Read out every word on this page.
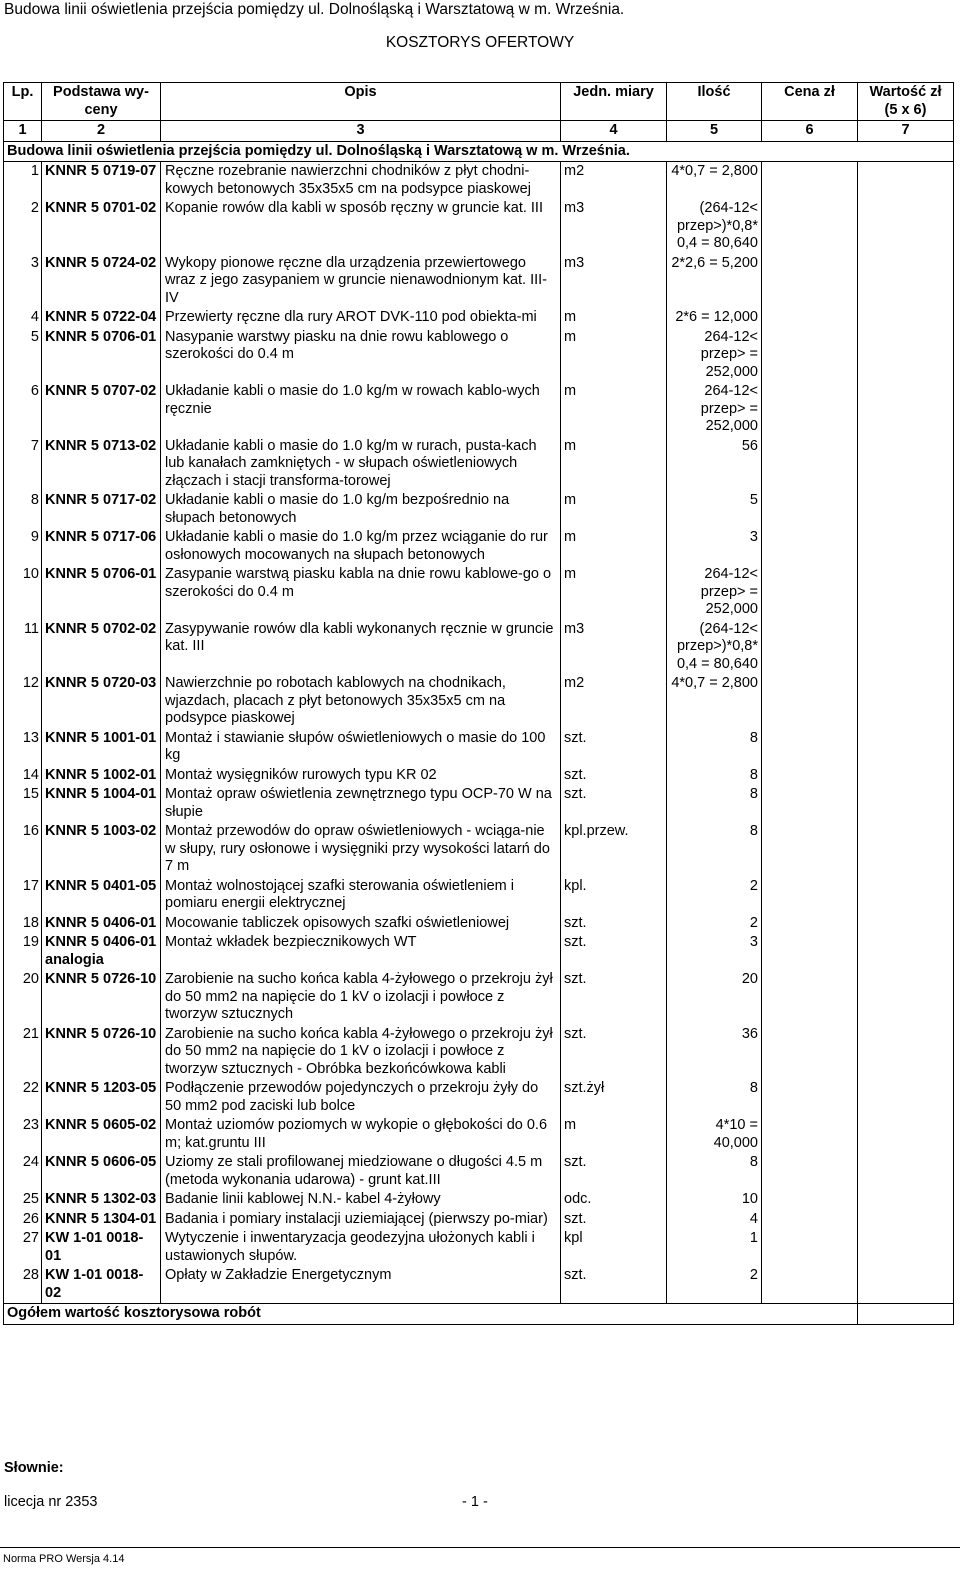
Budowa linii oświetlenia przejścia pomiędzy ul. Dolnośląską i Warsztatową w m. Września.
KOSZTORYS OFERTOWY
Lp.	Podstawa wy-ceny	Opis	Jedn. miary	Ilość	Cena zł	Wartość zł
(5 x 6)
1	2	3	4	5	6	7
Budowa linii oświetlenia przejścia pomiędzy ul. Dolnośląską i Warsztatową w m. Września.						
1	KNNR 5 0719-07	Ręczne rozebranie nawierzchni chodników z płyt chodni-kowych betonowych 35x35x5 cm na podsypce piaskowej	m2	4*0,7 = 2,800		
2	KNNR 5 0701-02	Kopanie rowów dla kabli w sposób ręczny w gruncie kat. III	m3	(264-12< przep>)*0,8* 0,4 = 80,640		
3	KNNR 5 0724-02	Wykopy pionowe ręczne dla urządzenia przewiertowego wraz z jego zasypaniem w gruncie nienawodnionym kat. III-IV	m3	2*2,6 = 5,200		
4	KNNR 5 0722-04	Przewierty ręczne dla rury AROT DVK-110 pod obiekta-mi	m	2*6 = 12,000		
5	KNNR 5 0706-01	Nasypanie warstwy piasku na dnie rowu kablowego o szerokości do 0.4 m	m	264-12< przep> = 252,000		
6	KNNR 5 0707-02	Układanie kabli o masie do 1.0 kg/m w rowach kablo-wych ręcznie	m	264-12< przep> = 252,000		
7	KNNR 5 0713-02	Układanie kabli o masie do 1.0 kg/m w rurach, pusta-kach lub kanałach zamkniętych - w słupach oświetleniowych złączach i stacji transforma-torowej	m	56		
8	KNNR 5 0717-02	Układanie kabli o masie do 1.0 kg/m bezpośrednio na słupach betonowych	m	5		
9	KNNR 5 0717-06	Układanie kabli o masie do 1.0 kg/m przez wciąganie do rur osłonowych mocowanych na słupach betonowych	m	3		
10	KNNR 5 0706-01	Zasypanie warstwą piasku kabla na dnie rowu kablowe-go o szerokości do 0.4 m	m	264-12< przep> = 252,000		
11	KNNR 5 0702-02	Zasypywanie rowów dla kabli wykonanych ręcznie w gruncie kat. III	m3	(264-12< przep>)*0,8* 0,4 = 80,640		
12	KNNR 5 0720-03	Nawierzchnie po robotach kablowych na chodnikach, wjazdach, placach z płyt betonowych 35x35x5 cm na podsypce piaskowej	m2	4*0,7 = 2,800		
13	KNNR 5 1001-01	Montaż i stawianie słupów oświetleniowych o masie do 100 kg	szt.	8		
14	KNNR 5 1002-01	Montaż wysięgników rurowych typu KR 02	szt.	8		
15	KNNR 5 1004-01	Montaż opraw oświetlenia zewnętrznego typu OCP-70 W na słupie	szt.	8		
16	KNNR 5 1003-02	Montaż przewodów do opraw oświetleniowych - wciąga-nie w słupy, rury osłonowe i wysięgniki przy wysokości latarń do 7 m	kpl.przew.	8		
17	KNNR 5 0401-05	Montaż wolnostojącej szafki sterowania oświetleniem i pomiaru energii elektrycznej	kpl.	2		
18	KNNR 5 0406-01	Mocowanie tabliczek opisowych szafki oświetleniowej	szt.	2		
19	KNNR 5 0406-01 analogia	Montaż wkładek bezpiecznikowych WT	szt.	3		
20	KNNR 5 0726-10	Zarobienie na sucho końca kabla 4-żyłowego o przekroju żył do 50 mm2 na napięcie do 1 kV o izolacji i powłoce z tworzyw sztucznych	szt.	20		
21	KNNR 5 0726-10	Zarobienie na sucho końca kabla 4-żyłowego o przekroju żył do 50 mm2 na napięcie do 1 kV o izolacji i powłoce z tworzyw sztucznych - Obróbka bezkońcówkowa kabli	szt.	36		
22	KNNR 5 1203-05	Podłączenie przewodów pojedynczych o przekroju żyły do 50 mm2 pod zaciski lub bolce	szt.żył	8		
23	KNNR 5 0605-02	Montaż uziomów poziomych w wykopie o głębokości do 0.6 m; kat.gruntu III	m	4*10 = 40,000		
24	KNNR 5 0606-05	Uziomy ze stali profilowanej miedziowane o długości 4.5 m (metoda wykonania udarowa) - grunt kat.III	szt.	8		
25	KNNR 5 1302-03	Badanie linii kablowej N.N.- kabel 4-żyłowy	odc.	10		
26	KNNR 5 1304-01	Badania i pomiary instalacji uziemiającej (pierwszy po-miar)	szt.	4		
27	KW 1-01 0018-01	Wytyczenie i inwentaryzacja geodezyjna ułożonych kabli i ustawionych słupów.	kpl	1		
28	KW 1-01 0018-02	Opłaty w Zakładzie Energetycznym	szt.	2		
Ogółem wartość kosztorysowa robót						
Słownie:
licecja nr 2353	- 1 -
Norma PRO Wersja 4.14
